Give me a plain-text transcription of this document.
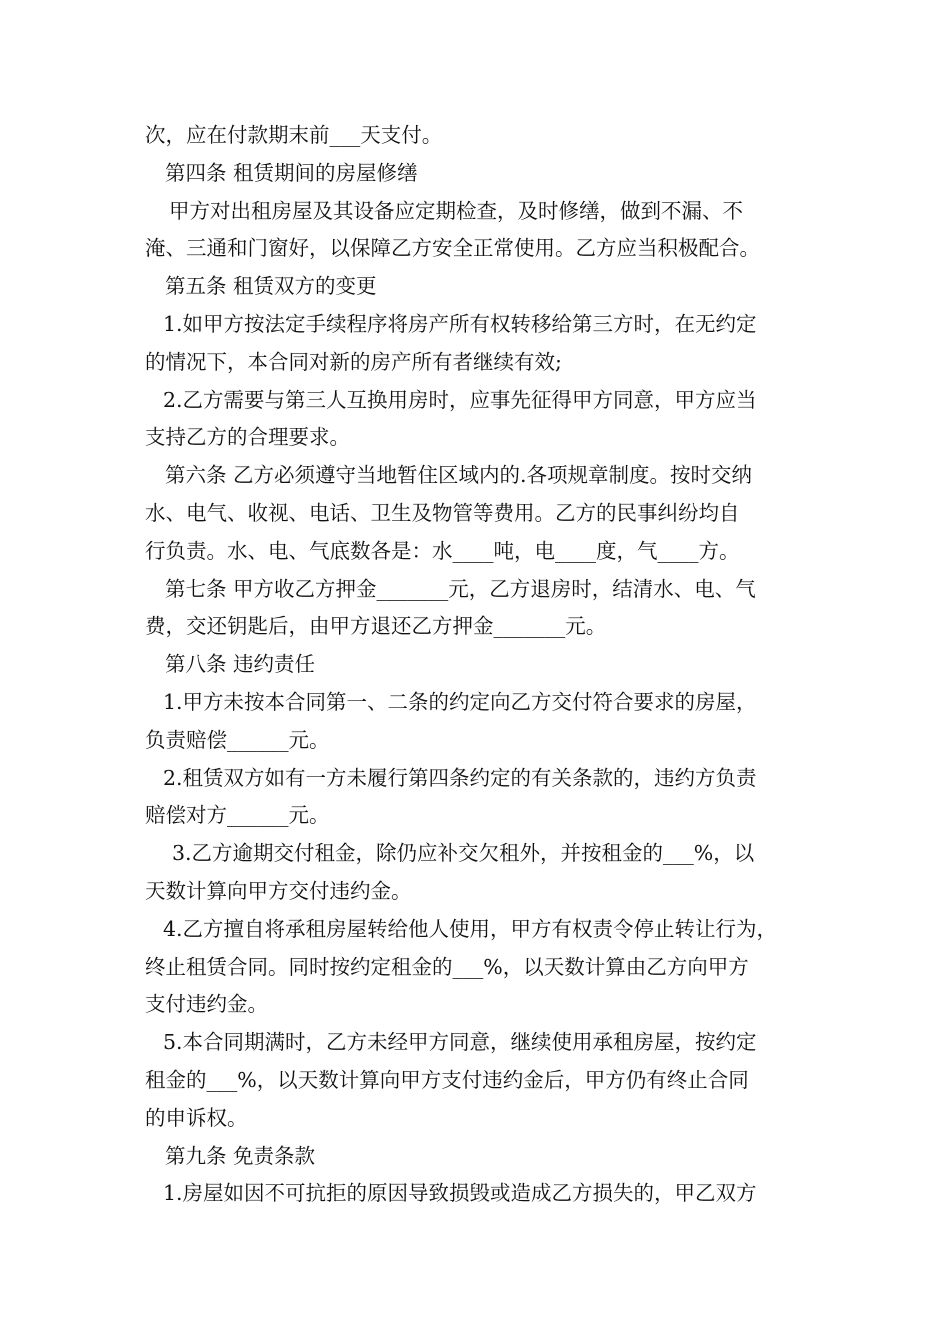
次，应在付款期末前___天支付。
第四条 租赁期间的房屋修缮
甲方对出租房屋及其设备应定期检查，及时修缮，做到不漏、不
淹、三通和门窗好，以保障乙方安全正常使用。乙方应当积极配合。
第五条 租赁双方的变更
1.如甲方按法定手续程序将房产所有权转移给第三方时，在无约定
的情况下，本合同对新的房产所有者继续有效;
2.乙方需要与第三人互换用房时，应事先征得甲方同意，甲方应当
支持乙方的合理要求。
第六条 乙方必须遵守当地暂住区域内的.各项规章制度。按时交纳
水、电气、收视、电话、卫生及物管等费用。乙方的民事纠纷均自
行负责。水、电、气底数各是：水____吨，电____度，气____方。
第七条 甲方收乙方押金_______元，乙方退房时，结清水、电、气
费，交还钥匙后，由甲方退还乙方押金_______元。
第八条 违约责任
1.甲方未按本合同第一、二条的约定向乙方交付符合要求的房屋，
负责赔偿______元。
2.租赁双方如有一方未履行第四条约定的有关条款的，违约方负责
赔偿对方______元。
3.乙方逾期交付租金，除仍应补交欠租外，并按租金的___%，以
天数计算向甲方交付违约金。
4.乙方擅自将承租房屋转给他人使用，甲方有权责令停止转让行为，
终止租赁合同。同时按约定租金的___%，以天数计算由乙方向甲方
支付违约金。
5.本合同期满时，乙方未经甲方同意，继续使用承租房屋，按约定
租金的___%，以天数计算向甲方支付违约金后，甲方仍有终止合同
的申诉权。
第九条 免责条款
1.房屋如因不可抗拒的原因导致损毁或造成乙方损失的，甲乙双方
